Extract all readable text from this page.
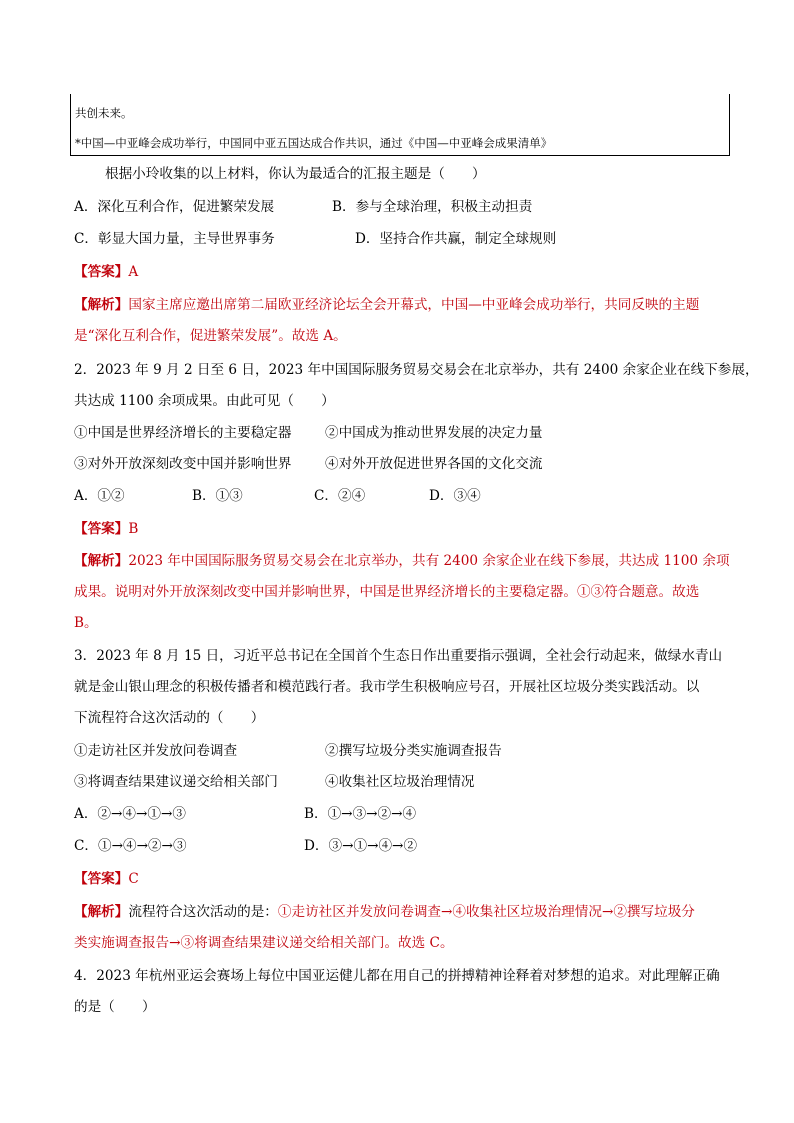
共创未来。
*中国—中亚峰会成功举行，中国同中亚五国达成合作共识，通过《中国—中亚峰会成果清单》
根据小玲收集的以上材料，你认为最适合的汇报主题是（　　）
A．深化互利合作，促进繁荣发展	B．参与全球治理，积极主动担责
C．彰显大国力量，主导世界事务	D．坚持合作共赢，制定全球规则
【答案】A
【解析】国家主席应邀出席第二届欧亚经济论坛全会开幕式，中国—中亚峰会成功举行，共同反映的主题
是“深化互利合作，促进繁荣发展”。故选 A。
2．2023 年 9 月 2 日至 6 日，2023 年中国国际服务贸易交易会在北京举办，共有 2400 余家企业在线下参展，
共达成 1100 余项成果。由此可见（　　）
①中国是世界经济增长的主要稳定器 ②中国成为推动世界发展的决定力量
③对外开放深刻改变中国并影响世界 ④对外开放促进世界各国的文化交流
A．①②	B．①③	C．②④	D．③④
【答案】B
【解析】2023 年中国国际服务贸易交易会在北京举办，共有 2400 余家企业在线下参展，共达成 1100 余项
成果。说明对外开放深刻改变中国并影响世界，中国是世界经济增长的主要稳定器。①③符合题意。故选
B。
3．2023 年 8 月 15 日，习近平总书记在全国首个生态日作出重要指示强调，全社会行动起来，做绿水青山
就是金山银山理念的积极传播者和模范践行者。我市学生积极响应号召，开展社区垃圾分类实践活动。以
下流程符合这次活动的（　　）
①走访社区并发放问卷调查	②撰写垃圾分类实施调查报告
③将调查结果建议递交给相关部门	④收集社区垃圾治理情况
A．②→④→①→③	B．①→③→②→④
C．①→④→②→③	D．③→①→④→②
【答案】C
【解析】流程符合这次活动的是：①走访社区并发放问卷调查→④收集社区垃圾治理情况→②撰写垃圾分
类实施调查报告→③将调查结果建议递交给相关部门。故选 C。
4．2023 年杭州亚运会赛场上每位中国亚运健儿都在用自己的拼搏精神诠释着对梦想的追求。对此理解正确
的是（　　）
